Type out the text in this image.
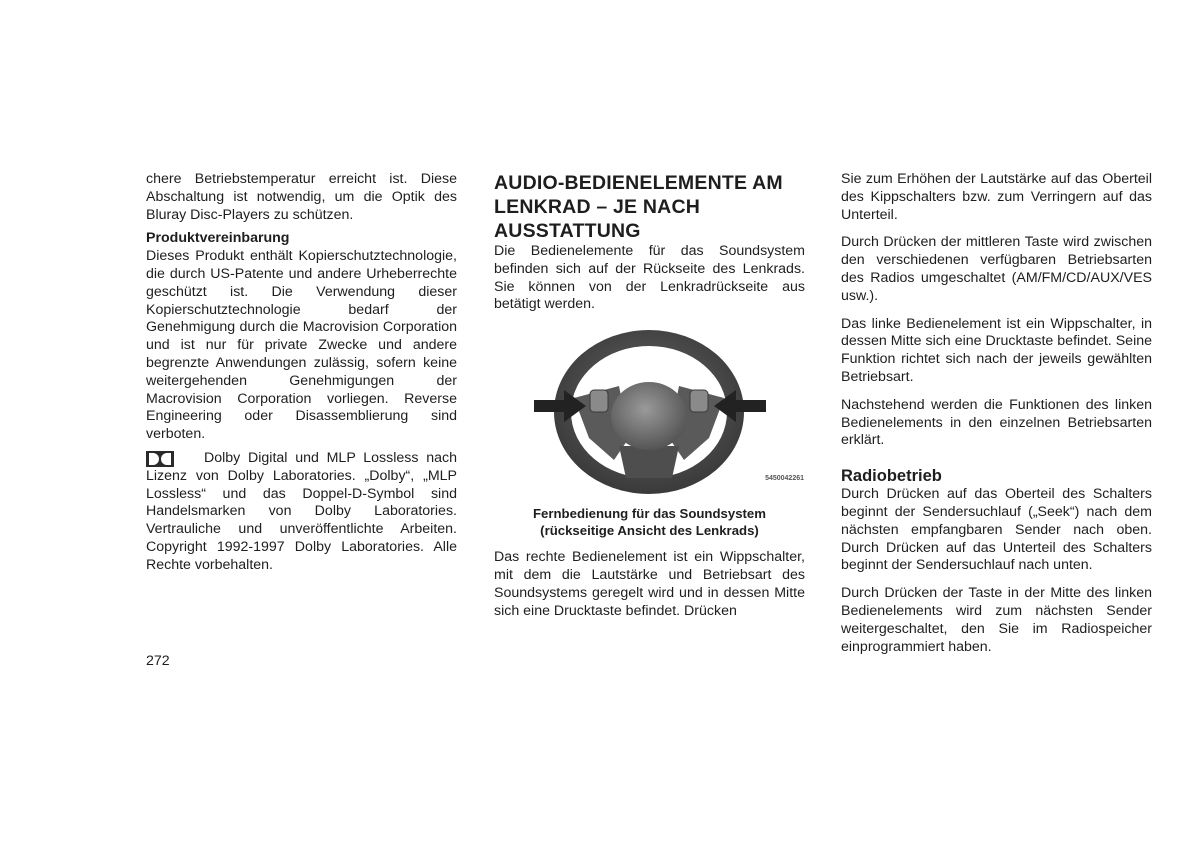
chere Betriebstemperatur erreicht ist. Diese Abschaltung ist notwendig, um die Optik des Bluray Disc-Players zu schützen.

Produktvereinbarung

Dieses Produkt enthält Kopierschutztechnologie, die durch US-Patente und andere Urheberrechte geschützt ist. Die Verwendung dieser Kopierschutztechnologie bedarf der Genehmigung durch die Macrovision Corporation und ist nur für private Zwecke und andere begrenzte Anwendungen zulässig, sofern keine weitergehenden Genehmigungen der Macrovision Corporation vorliegen. Reverse Engineering oder Disassemblierung sind verboten.

Dolby Digital und MLP Lossless nach Lizenz von Dolby Laboratories. „Dolby“, „MLP Lossless“ und das Doppel-D-Symbol sind Handelsmarken von Dolby Laboratories. Vertrauliche und unveröffentlichte Arbeiten. Copyright 1992-1997 Dolby Laboratories. Alle Rechte vorbehalten.

AUDIO-BEDIENELEMENTE AM LENKRAD – JE NACH AUSSTATTUNG

Die Bedienelemente für das Soundsystem befinden sich auf der Rückseite des Lenkrads. Sie können von der Lenkradrückseite aus betätigt werden.

5450042261
Fernbedienung für das Soundsystem
(rückseitige Ansicht des Lenkrads)

Das rechte Bedienelement ist ein Wippschalter, mit dem die Lautstärke und Betriebsart des Soundsystems geregelt wird und in dessen Mitte sich eine Drucktaste befindet. Drücken

Sie zum Erhöhen der Lautstärke auf das Oberteil des Kippschalters bzw. zum Verringern auf das Unterteil.

Durch Drücken der mittleren Taste wird zwischen den verschiedenen verfügbaren Betriebsarten des Radios umgeschaltet (AM/FM/CD/AUX/VES usw.).

Das linke Bedienelement ist ein Wippschalter, in dessen Mitte sich eine Drucktaste befindet. Seine Funktion richtet sich nach der jeweils gewählten Betriebsart.

Nachstehend werden die Funktionen des linken Bedienelements in den einzelnen Betriebsarten erklärt.

Radiobetrieb

Durch Drücken auf das Oberteil des Schalters beginnt der Sendersuchlauf („Seek“) nach dem nächsten empfangbaren Sender nach oben. Durch Drücken auf das Unterteil des Schalters beginnt der Sendersuchlauf nach unten.

Durch Drücken der Taste in der Mitte des linken Bedienelements wird zum nächsten Sender weitergeschaltet, den Sie im Radiospeicher einprogrammiert haben.

272
